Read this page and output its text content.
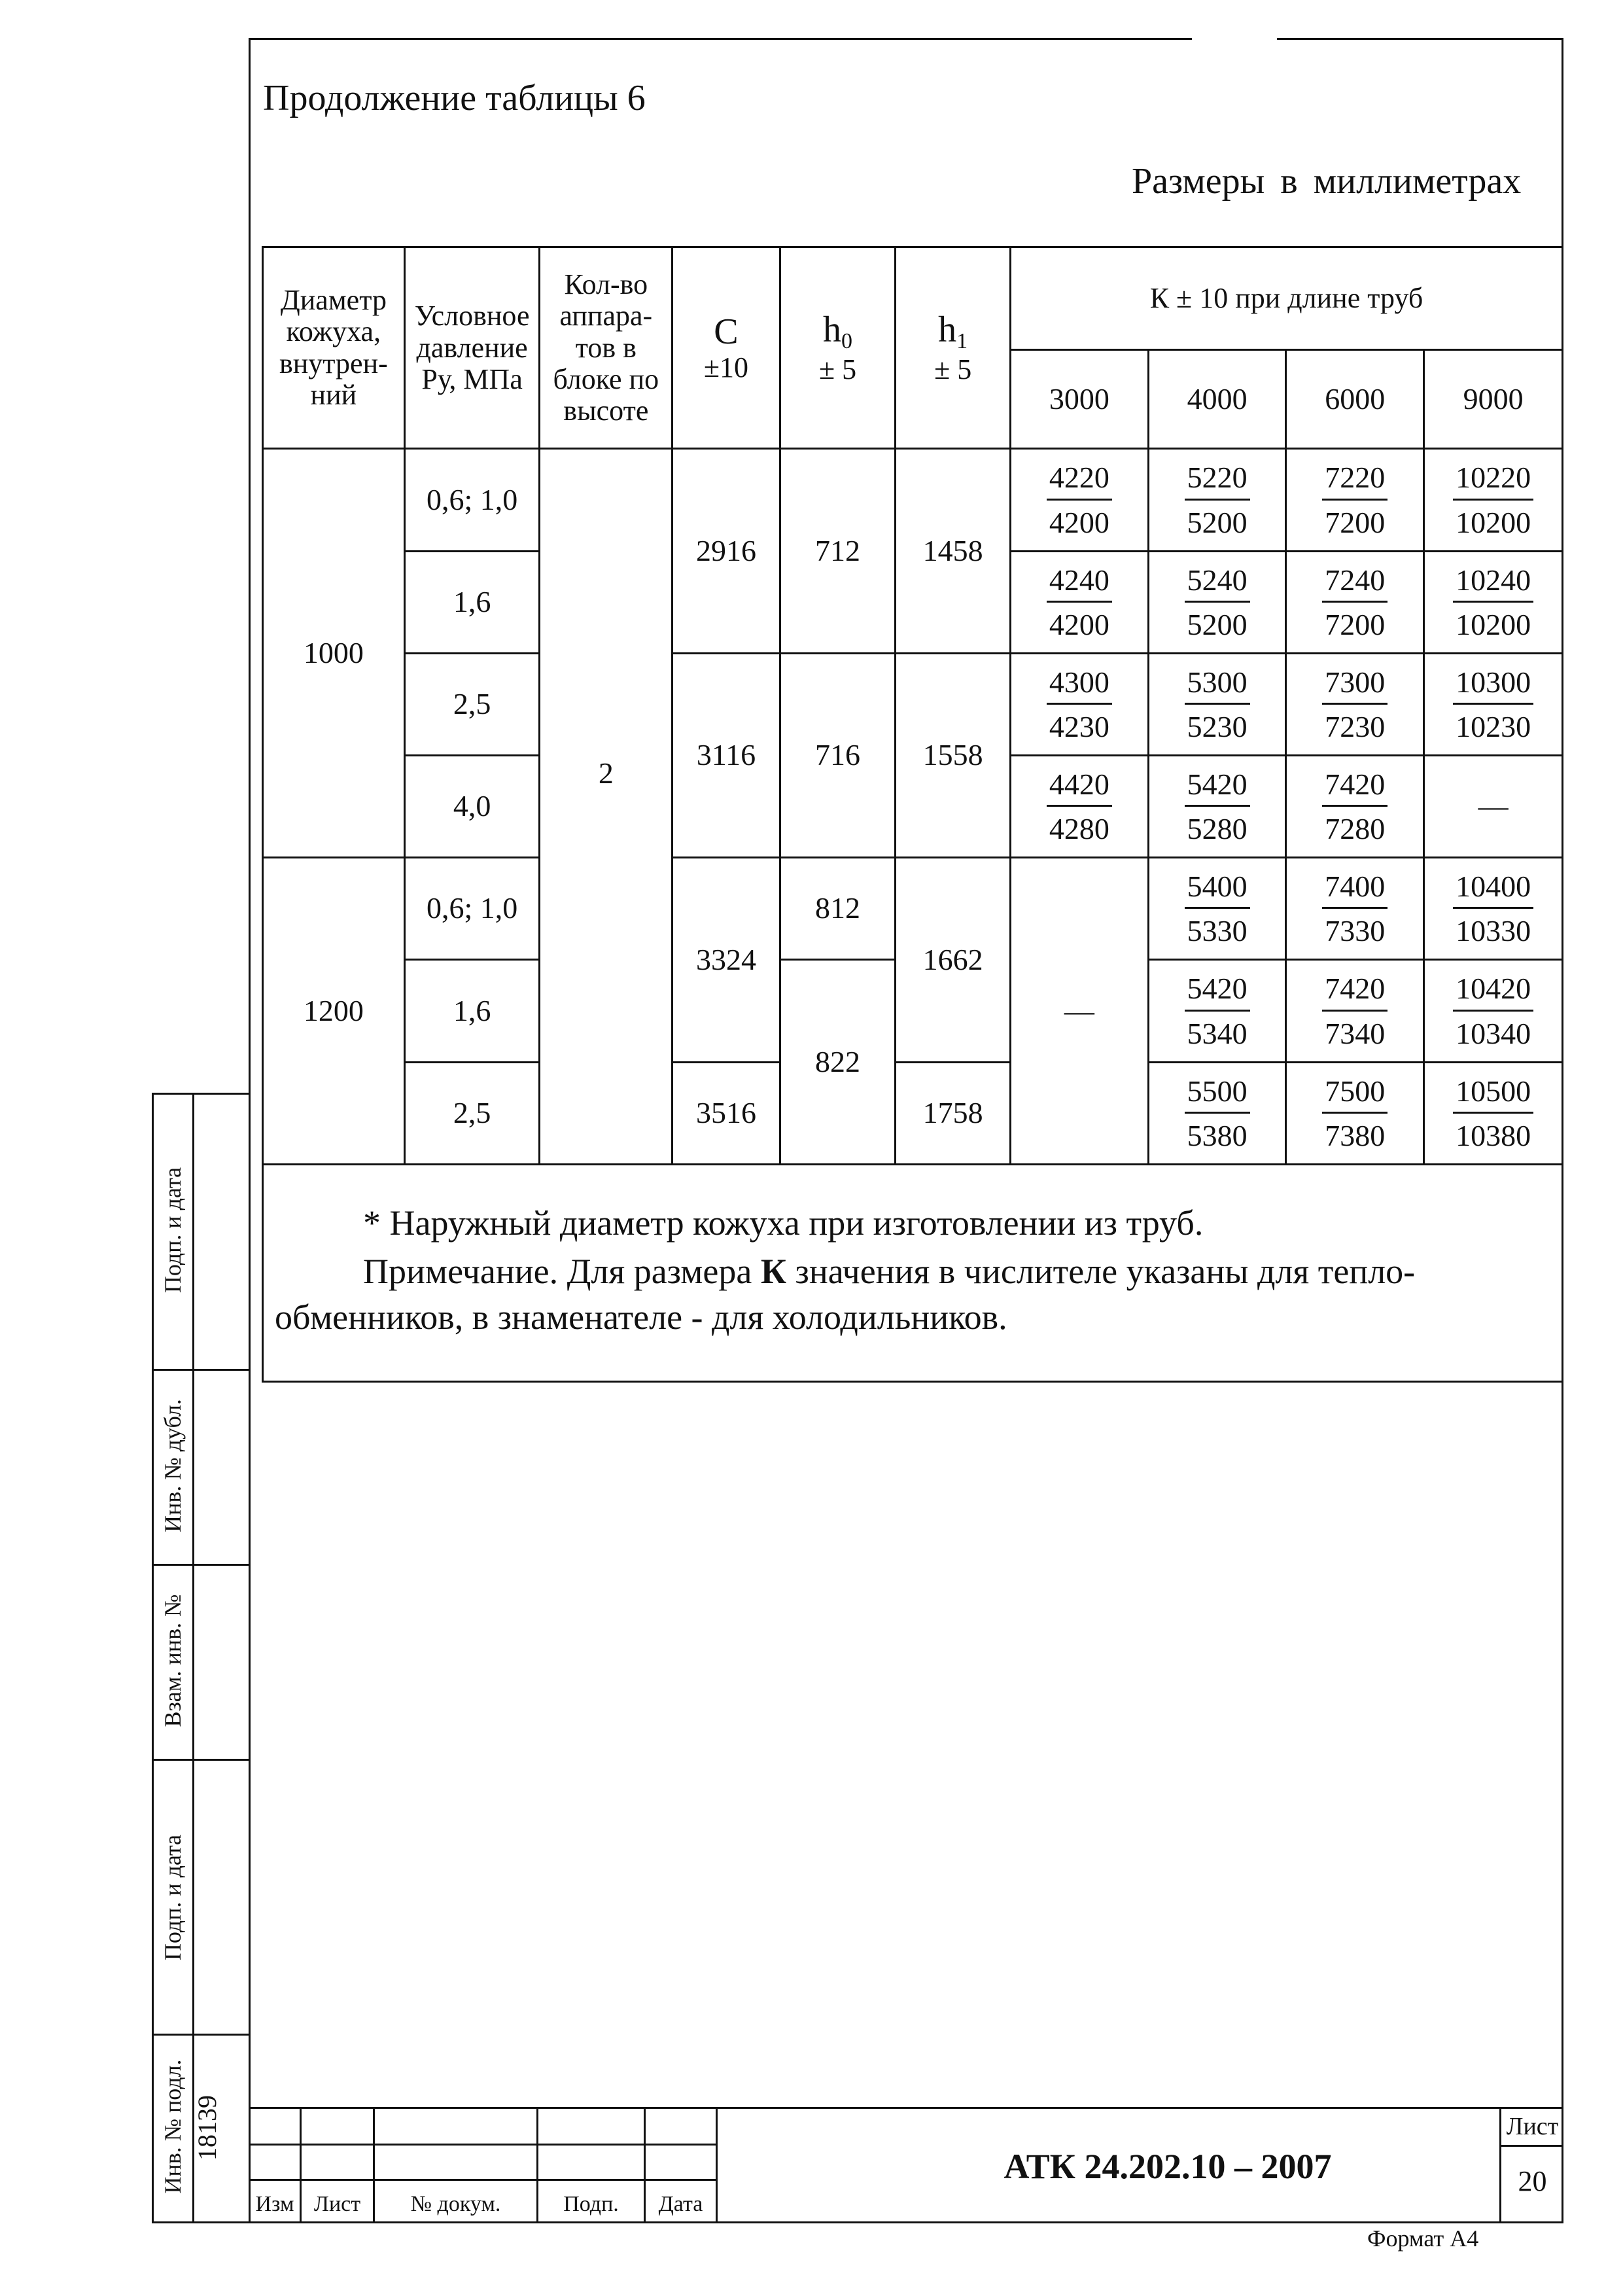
Продолжение таблицы 6
Размеры в миллиметрах
Диаметр
кожуха,
внутрен-
ний	Условное
давление
Ру, МПа	Кол-во
аппара-
тов в
блоке по
высоте	С
±10	$h_0$
± 5	$h_1$
± 5	К ± 10 при длине труб			
						3000	4000	6000	9000
1000	0,6; 1,0	2	2916	712	1458	$\frac{4220}{4200}$	$\frac{5220}{5200}$	$\frac{7220}{7200}$	$\frac{10220}{10200}$

	1,6					$\frac{4240}{4200}$	$\frac{5240}{5200}$	$\frac{7240}{7200}$	$\frac{10240}{10200}$

	2,5		3116	716	1558	$\frac{4300}{4230}$	$\frac{5300}{5230}$	$\frac{7300}{7230}$	$\frac{10300}{10230}$

	4,0					$\frac{4420}{4280}$	$\frac{5420}{5280}$	$\frac{7420}{7280}$	—
1200	0,6; 1,0		3324	812	1662	—	$\frac{5400}{5330}$	$\frac{7400}{7330}$	$\frac{10400}{10330}$

	1,6			822			$\frac{5420}{5340}$	$\frac{7420}{7340}$	$\frac{10420}{10340}$

	2,5		3516		1758		$\frac{5500}{5380}$	$\frac{7500}{7380}$	$\frac{10500}{10380}$
* Наружный диаметр кожуха при изготовлении из труб.
Примечание. Для размера К значения в числителе указаны для тепло-
обменников, в знаменателе - для холодильников.
Подп. и дата
Инв. № дубл.
Взам. инв. №
Подп. и дата
Инв. № подл. 18139
Изм Лист	№ докум.	Подп.	Дата
АТК 24.202.10 – 2007
Лист
20
Формат А4
